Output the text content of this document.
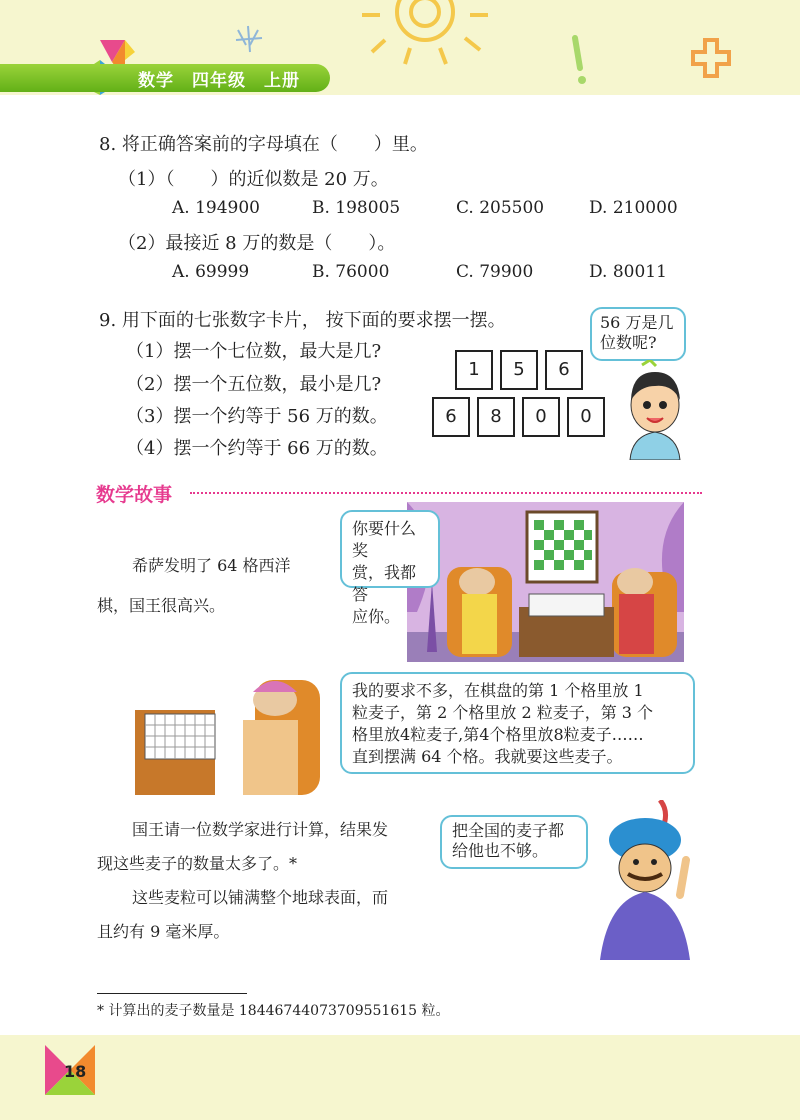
数学　四年级　上册
8. 将正确答案前的字母填在（　　）里。
（1）（　　）的近似数是 20 万。
A. 194900	B. 198005	C. 205500	D. 210000
（2）最接近 8 万的数是（　　）。
A. 69999	B. 76000	C. 79900	D. 80011
9. 用下面的七张数字卡片， 按下面的要求摆一摆。
（1）摆一个七位数，最大是几?
（2）摆一个五位数，最小是几?
（3）摆一个约等于 56 万的数。
（4）摆一个约等于 66 万的数。
1	5	6
6	8	0	0
56 万是几
位数呢?
数学故事
希萨发明了 64 格西洋
棋，国王很高兴。
你要什么奖
赏，我都答
应你。
我的要求不多，在棋盘的第 1 个格里放 1
粒麦子，第 2 个格里放 2 粒麦子，第 3 个
格里放4粒麦子,第4个格里放8粒麦子……
直到摆满 64 个格。我就要这些麦子。
国王请一位数学家进行计算，结果发
现这些麦子的数量太多了。*
这些麦粒可以铺满整个地球表面，而
且约有 9 毫米厚。
把全国的麦子都
给他也不够。
* 计算出的麦子数量是 18446744073709551615 粒。
18
